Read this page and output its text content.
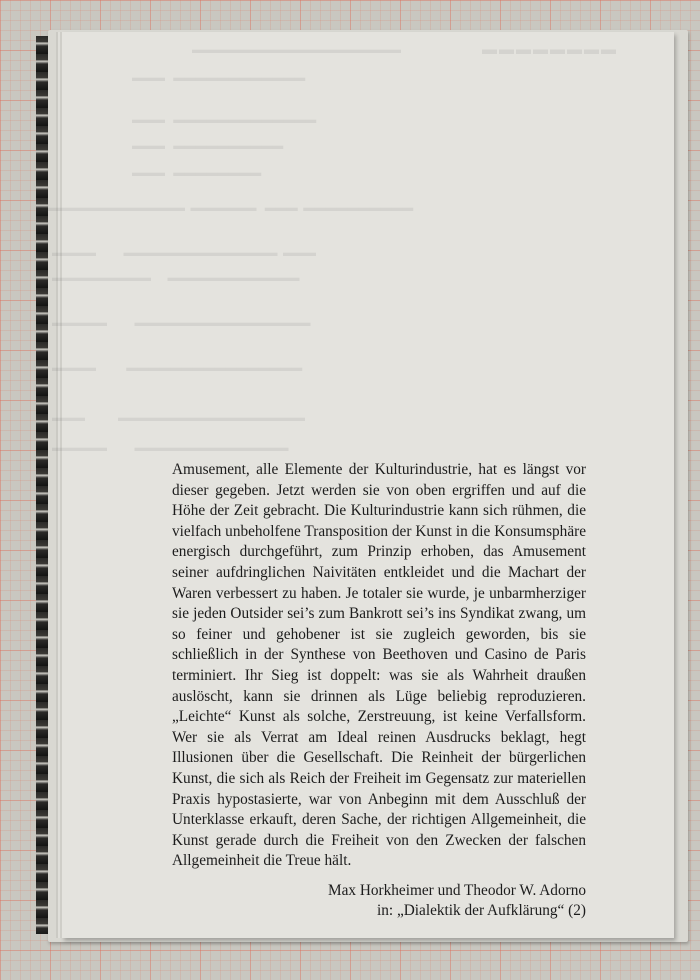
▬▬▬▬▬▬▬▬
▬▬▬▬▬▬▬▬▬▬▬▬▬▬▬▬▬▬▬
▬▬▬   ▬▬▬▬▬▬▬▬▬▬▬▬
▬▬▬   ▬▬▬▬▬▬▬▬▬▬▬▬▬
▬▬▬   ▬▬▬▬▬▬▬▬▬▬
▬▬▬   ▬▬▬▬▬▬▬▬
▬▬▬▬▬▬▬▬▬▬▬▬▬  ▬▬▬▬▬▬   ▬▬▬  ▬▬▬▬▬▬▬▬▬▬
▬▬▬▬          ▬▬▬▬▬▬▬▬▬▬▬▬▬▬  ▬▬▬
▬▬▬▬▬▬▬▬▬      ▬▬▬▬▬▬▬▬▬▬▬▬
▬▬▬▬▬          ▬▬▬▬▬▬▬▬▬▬▬▬▬▬▬▬
▬▬▬▬           ▬▬▬▬▬▬▬▬▬▬▬▬▬▬▬▬
▬▬▬            ▬▬▬▬▬▬▬▬▬▬▬▬▬▬▬▬▬
▬▬▬▬▬          ▬▬▬▬▬▬▬▬▬▬▬▬▬▬

Amusement, alle Elemente der Kulturindustrie, hat es längst vor dieser gegeben. Jetzt werden sie von oben ergriffen und auf die Höhe der Zeit gebracht. Die Kulturindustrie kann sich rühmen, die vielfach unbeholfene Transposition der Kunst in die Konsumsphäre energisch durchgeführt, zum Prinzip erhoben, das Amusement seiner aufdringlichen Naivitäten entkleidet und die Machart der Waren verbessert zu haben. Je totaler sie wurde, je unbarmherziger sie jeden Outsider sei’s zum Bankrott sei’s ins Syndikat zwang, um so feiner und gehobener ist sie zugleich geworden, bis sie schließlich in der Synthese von Beethoven und Casino de Paris terminiert. Ihr Sieg ist doppelt: was sie als Wahrheit draußen auslöscht, kann sie drinnen als Lüge beliebig reproduzieren. „Leichte“ Kunst als solche, Zerstreuung, ist keine Verfallsform. Wer sie als Verrat am Ideal reinen Ausdrucks beklagt, hegt Illusionen über die Gesellschaft. Die Reinheit der bürgerlichen Kunst, die sich als Reich der Freiheit im Gegensatz zur materiellen Praxis hypostasierte, war von Anbeginn mit dem Ausschluß der Unterklasse erkauft, deren Sache, der richtigen Allgemeinheit, die Kunst gerade durch die Freiheit von den Zwecken der falschen Allgemeinheit die Treue hält.

Max Horkheimer und Theodor W. Adorno
in: „Dialektik der Aufklärung“ (2)
